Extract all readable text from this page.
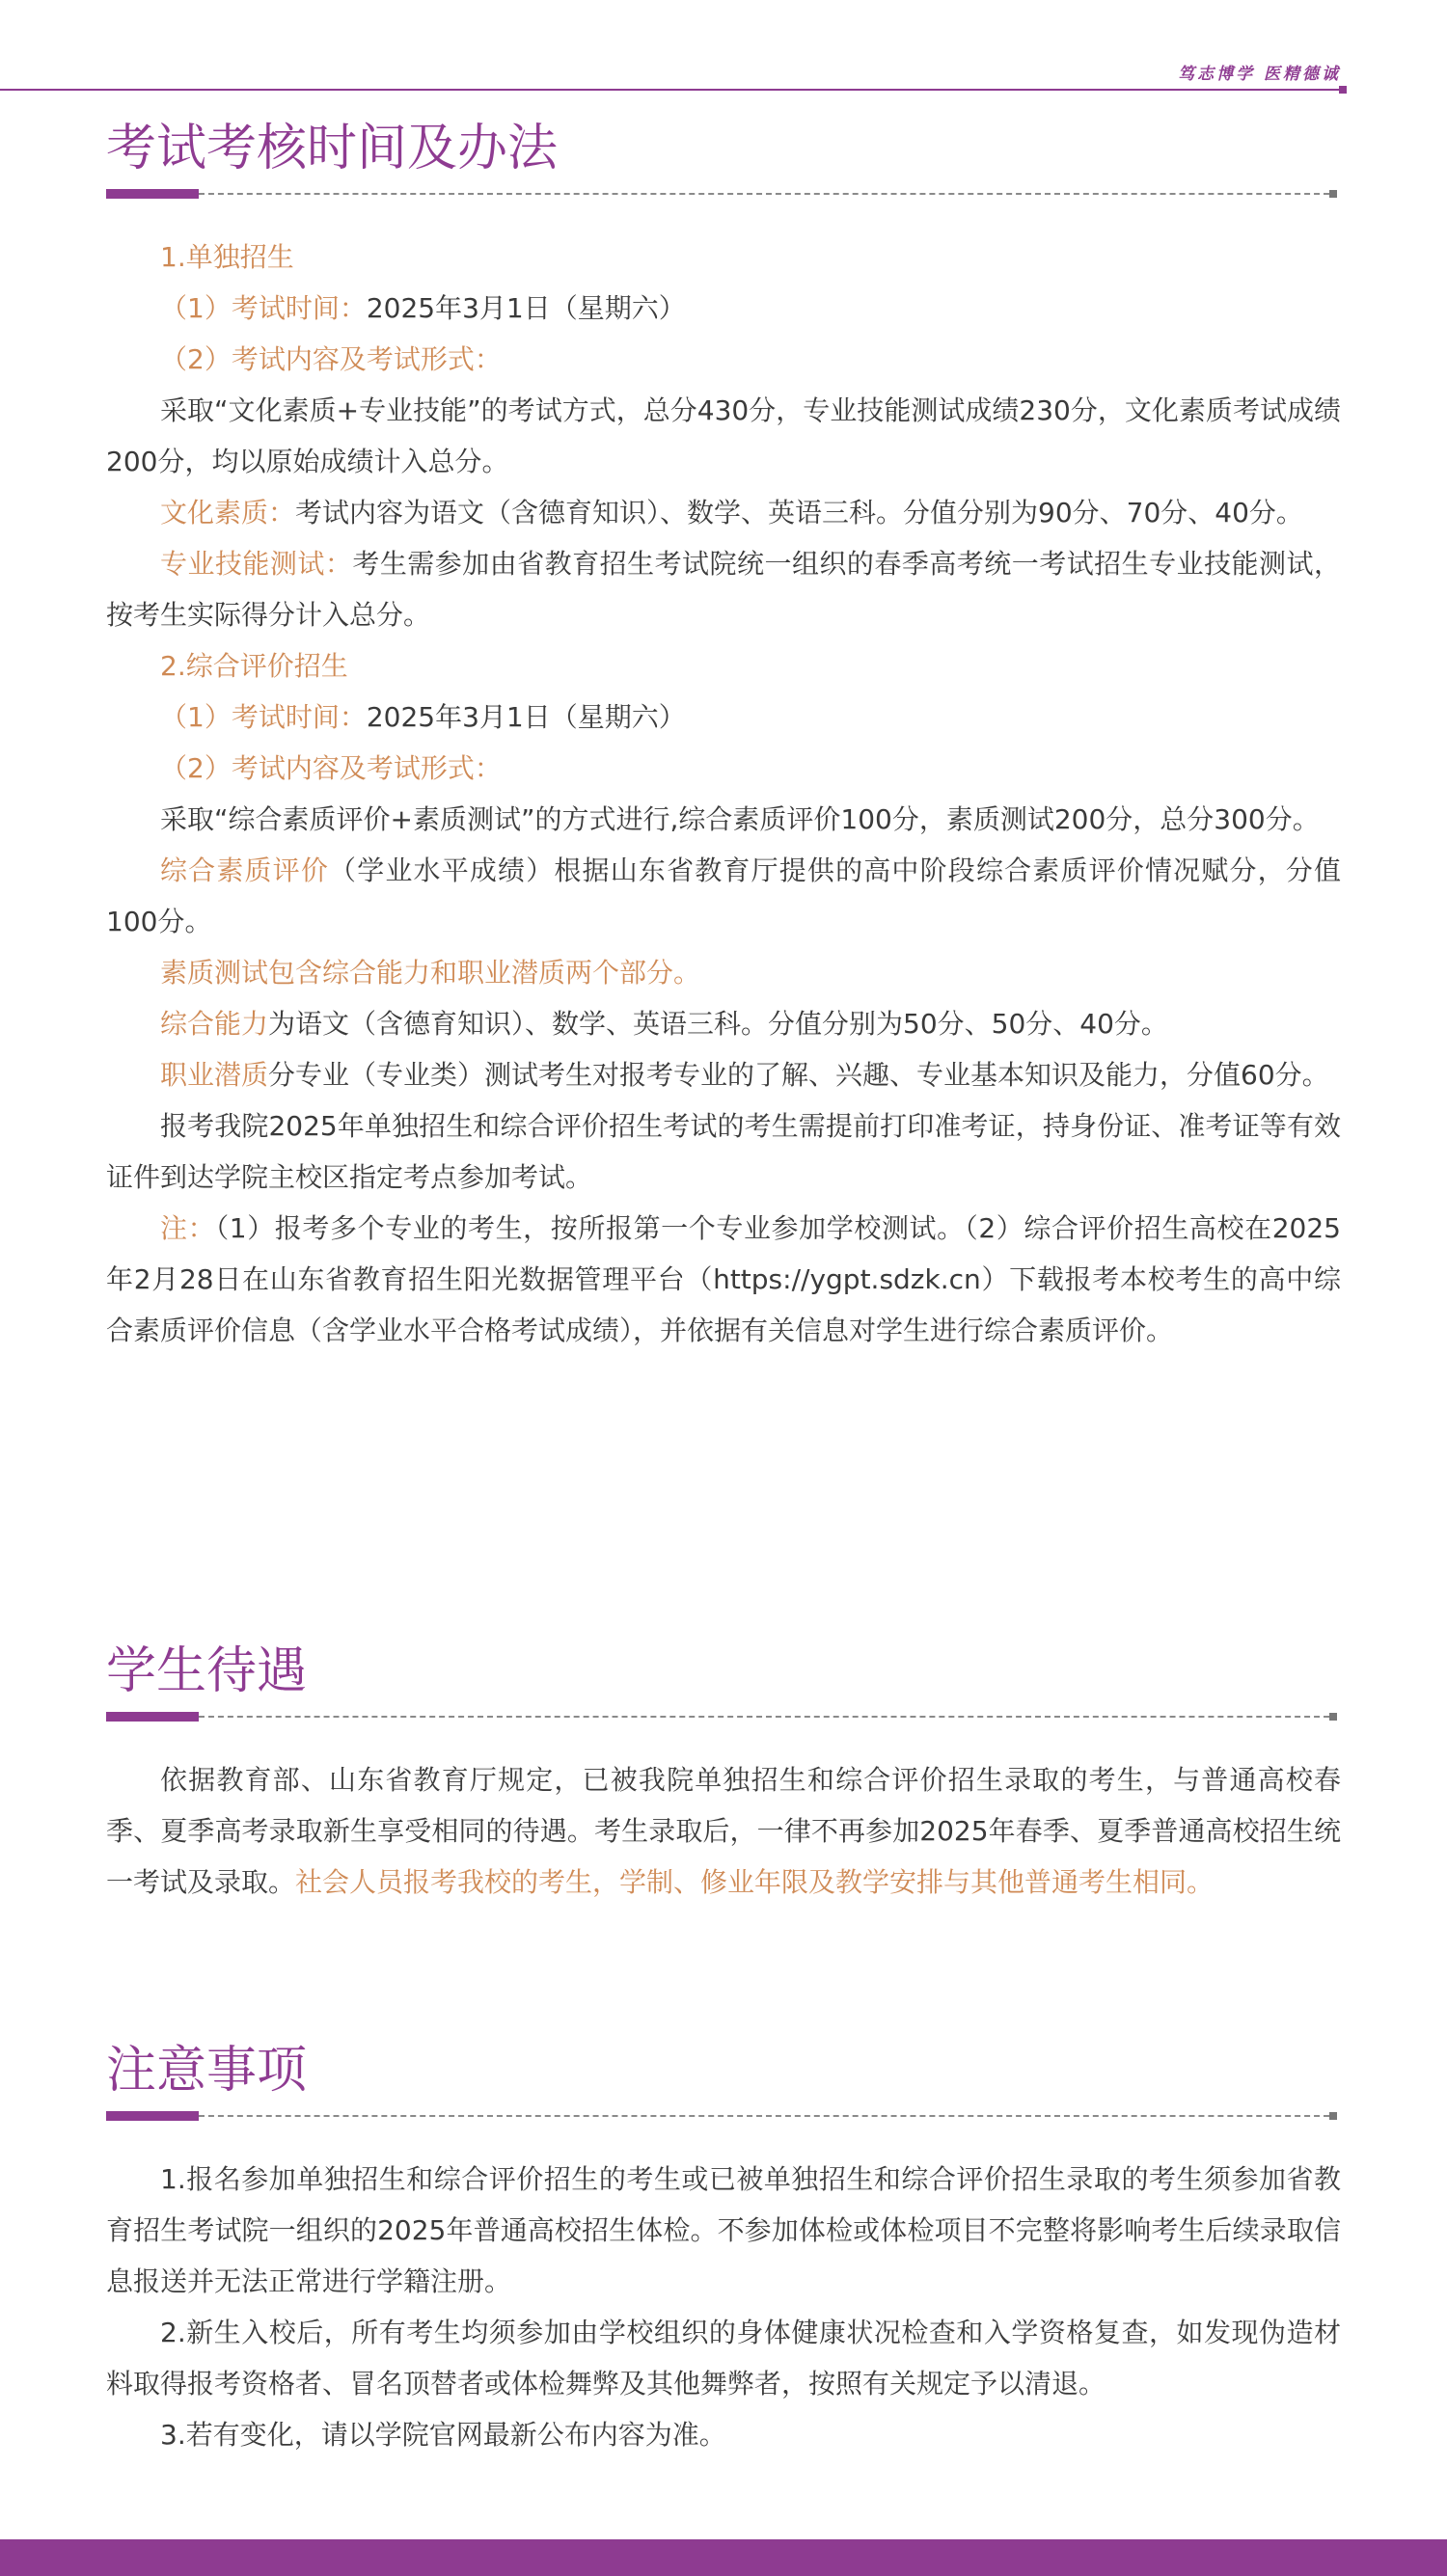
笃志博学 医精德诚
考试考核时间及办法

1.单独招生

（1）考试时间：2025年3月1日（星期六）

（2）考试内容及考试形式：

采取“文化素质+专业技能”的考试方式，总分430分，专业技能测试成绩230分，文化素质考试成绩200分，均以原始成绩计入总分。

文化素质：考试内容为语文（含德育知识）、数学、英语三科。分值分别为90分、70分、40分。

专业技能测试：考生需参加由省教育招生考试院统一组织的春季高考统一考试招生专业技能测试，按考生实际得分计入总分。

2.综合评价招生

（1）考试时间：2025年3月1日（星期六）

（2）考试内容及考试形式：

采取“综合素质评价+素质测试”的方式进行,综合素质评价100分，素质测试200分，总分300分。

综合素质评价（学业水平成绩）根据山东省教育厅提供的高中阶段综合素质评价情况赋分，分值100分。

素质测试包含综合能力和职业潜质两个部分。

综合能力为语文（含德育知识）、数学、英语三科。分值分别为50分、50分、40分。

职业潜质分专业（专业类）测试考生对报考专业的了解、兴趣、专业基本知识及能力，分值60分。

报考我院2025年单独招生和综合评价招生考试的考生需提前打印准考证，持身份证、准考证等有效证件到达学院主校区指定考点参加考试。

注：（1）报考多个专业的考生，按所报第一个专业参加学校测试。（2）综合评价招生高校在2025年2月28日在山东省教育招生阳光数据管理平台（https://ygpt.sdzk.cn）下载报考本校考生的高中综合素质评价信息（含学业水平合格考试成绩），并依据有关信息对学生进行综合素质评价。

学生待遇

依据教育部、山东省教育厅规定，已被我院单独招生和综合评价招生录取的考生，与普通高校春季、夏季高考录取新生享受相同的待遇。考生录取后，一律不再参加2025年春季、夏季普通高校招生统一考试及录取。社会人员报考我校的考生，学制、修业年限及教学安排与其他普通考生相同。

注意事项

1.报名参加单独招生和综合评价招生的考生或已被单独招生和综合评价招生录取的考生须参加省教育招生考试院一组织的2025年普通高校招生体检。不参加体检或体检项目不完整将影响考生后续录取信息报送并无法正常进行学籍注册。

2.新生入校后，所有考生均须参加由学校组织的身体健康状况检查和入学资格复查，如发现伪造材料取得报考资格者、冒名顶替者或体检舞弊及其他舞弊者，按照有关规定予以清退。

3.若有变化，请以学院官网最新公布内容为准。
